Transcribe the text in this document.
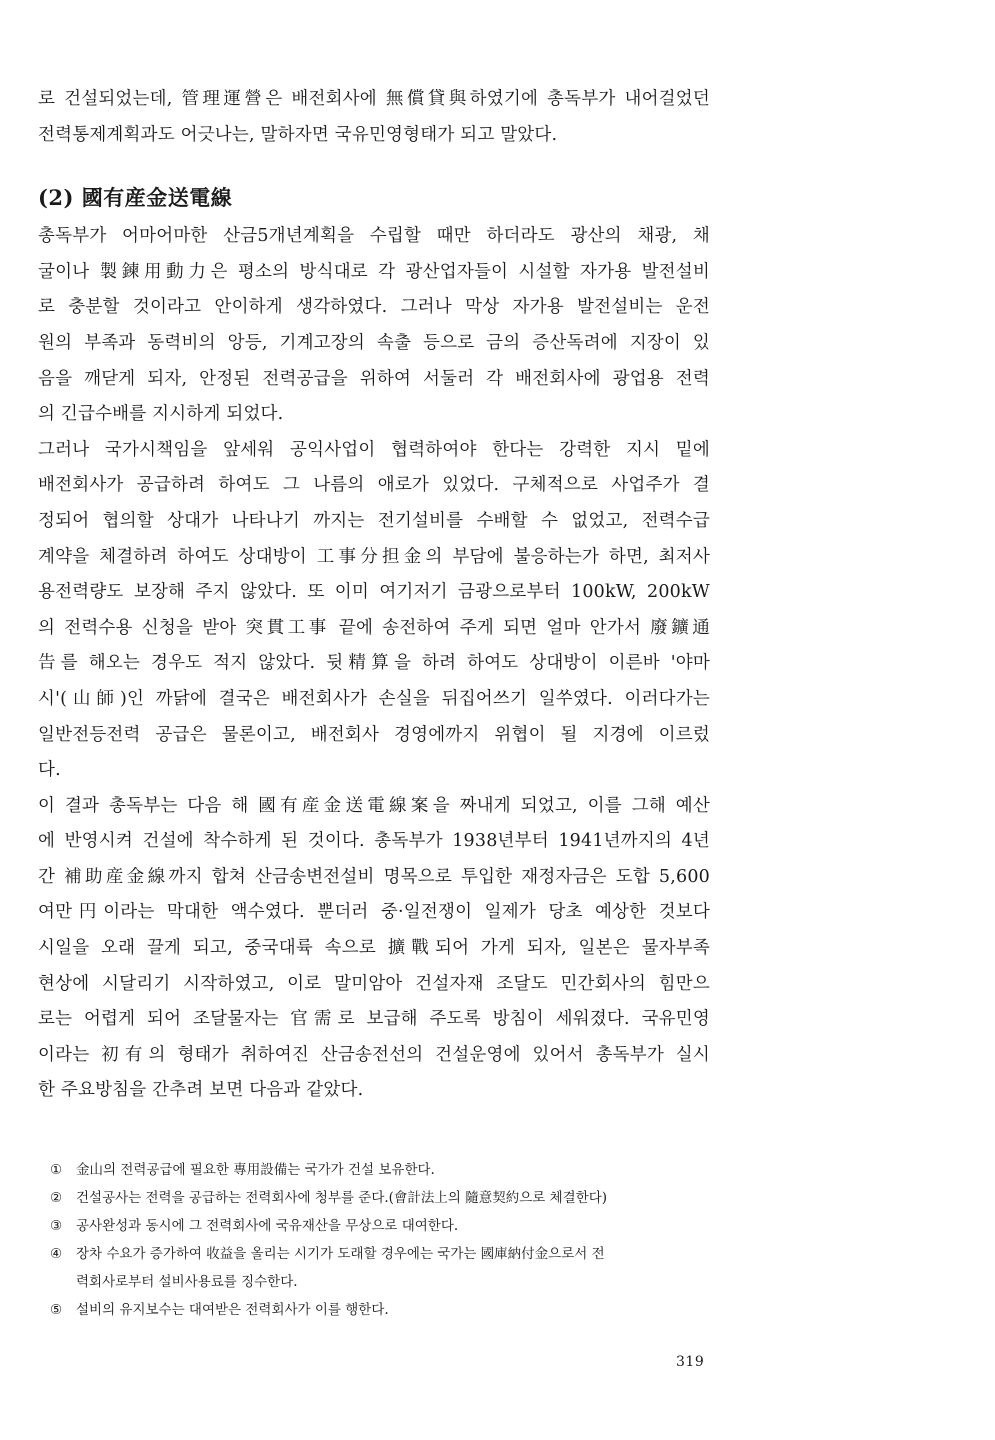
로 건설되었는데, 管理運營은 배전회사에 無償貸與하였기에 총독부가 내어걸었던
전력통제계획과도 어긋나는, 말하자면 국유민영형태가 되고 말았다.
(2) 國有産金送電線
총독부가 어마어마한 산금5개년계획을 수립할 때만 하더라도 광산의 채광, 채
굴이나 製鍊用動力은 평소의 방식대로 각 광산업자들이 시설할 자가용 발전설비
로 충분할 것이라고 안이하게 생각하였다. 그러나 막상 자가용 발전설비는 운전
원의 부족과 동력비의 앙등, 기계고장의 속출 등으로 금의 증산독려에 지장이 있
음을 깨닫게 되자, 안정된 전력공급을 위하여 서둘러 각 배전회사에 광업용 전력
의 긴급수배를 지시하게 되었다.
그러나 국가시책임을 앞세워 공익사업이 협력하여야 한다는 강력한 지시 밑에
배전회사가 공급하려 하여도 그 나름의 애로가 있었다. 구체적으로 사업주가 결
정되어 협의할 상대가 나타나기 까지는 전기설비를 수배할 수 없었고, 전력수급
계약을 체결하려 하여도 상대방이 工事分担金의 부담에 불응하는가 하면, 최저사
용전력량도 보장해 주지 않았다. 또 이미 여기저기 금광으로부터 100kW, 200kW
의 전력수용 신청을 받아 突貫工事 끝에 송전하여 주게 되면 얼마 안가서 廢鑛通
告를 해오는 경우도 적지 않았다. 뒷精算을 하려 하여도 상대방이 이른바 '야마
시'(山師)인 까닭에 결국은 배전회사가 손실을 뒤집어쓰기 일쑤였다. 이러다가는
일반전등전력 공급은 물론이고, 배전회사 경영에까지 위협이 될 지경에 이르렀
다.
이 결과 총독부는 다음 해 國有産金送電線案을 짜내게 되었고, 이를 그해 예산
에 반영시켜 건설에 착수하게 된 것이다. 총독부가 1938년부터 1941년까지의 4년
간 補助産金線까지 합쳐 산금송변전설비 명목으로 투입한 재정자금은 도합 5,600
여만円이라는 막대한 액수였다. 뿐더러 중·일전쟁이 일제가 당초 예상한 것보다
시일을 오래 끌게 되고, 중국대륙 속으로 擴戰되어 가게 되자, 일본은 물자부족
현상에 시달리기 시작하였고, 이로 말미암아 건설자재 조달도 민간회사의 힘만으
로는 어렵게 되어 조달물자는 官需로 보급해 주도록 방침이 세워졌다. 국유민영
이라는 初有의 형태가 취하여진 산금송전선의 건설운영에 있어서 총독부가 실시
한 주요방침을 간추려 보면 다음과 같았다.
① 金山의 전력공급에 필요한 專用設備는 국가가 건설 보유한다.
② 건설공사는 전력을 공급하는 전력회사에 청부를 준다.(會計法上의 隨意契約으로 체결한다)
③ 공사완성과 동시에 그 전력회사에 국유재산을 무상으로 대여한다.
④ 장차 수요가 증가하여 收益을 올리는 시기가 도래할 경우에는 국가는 國庫納付金으로서 전
력회사로부터 설비사용료를 징수한다.
⑤ 설비의 유지보수는 대여받은 전력회사가 이를 행한다.
319
